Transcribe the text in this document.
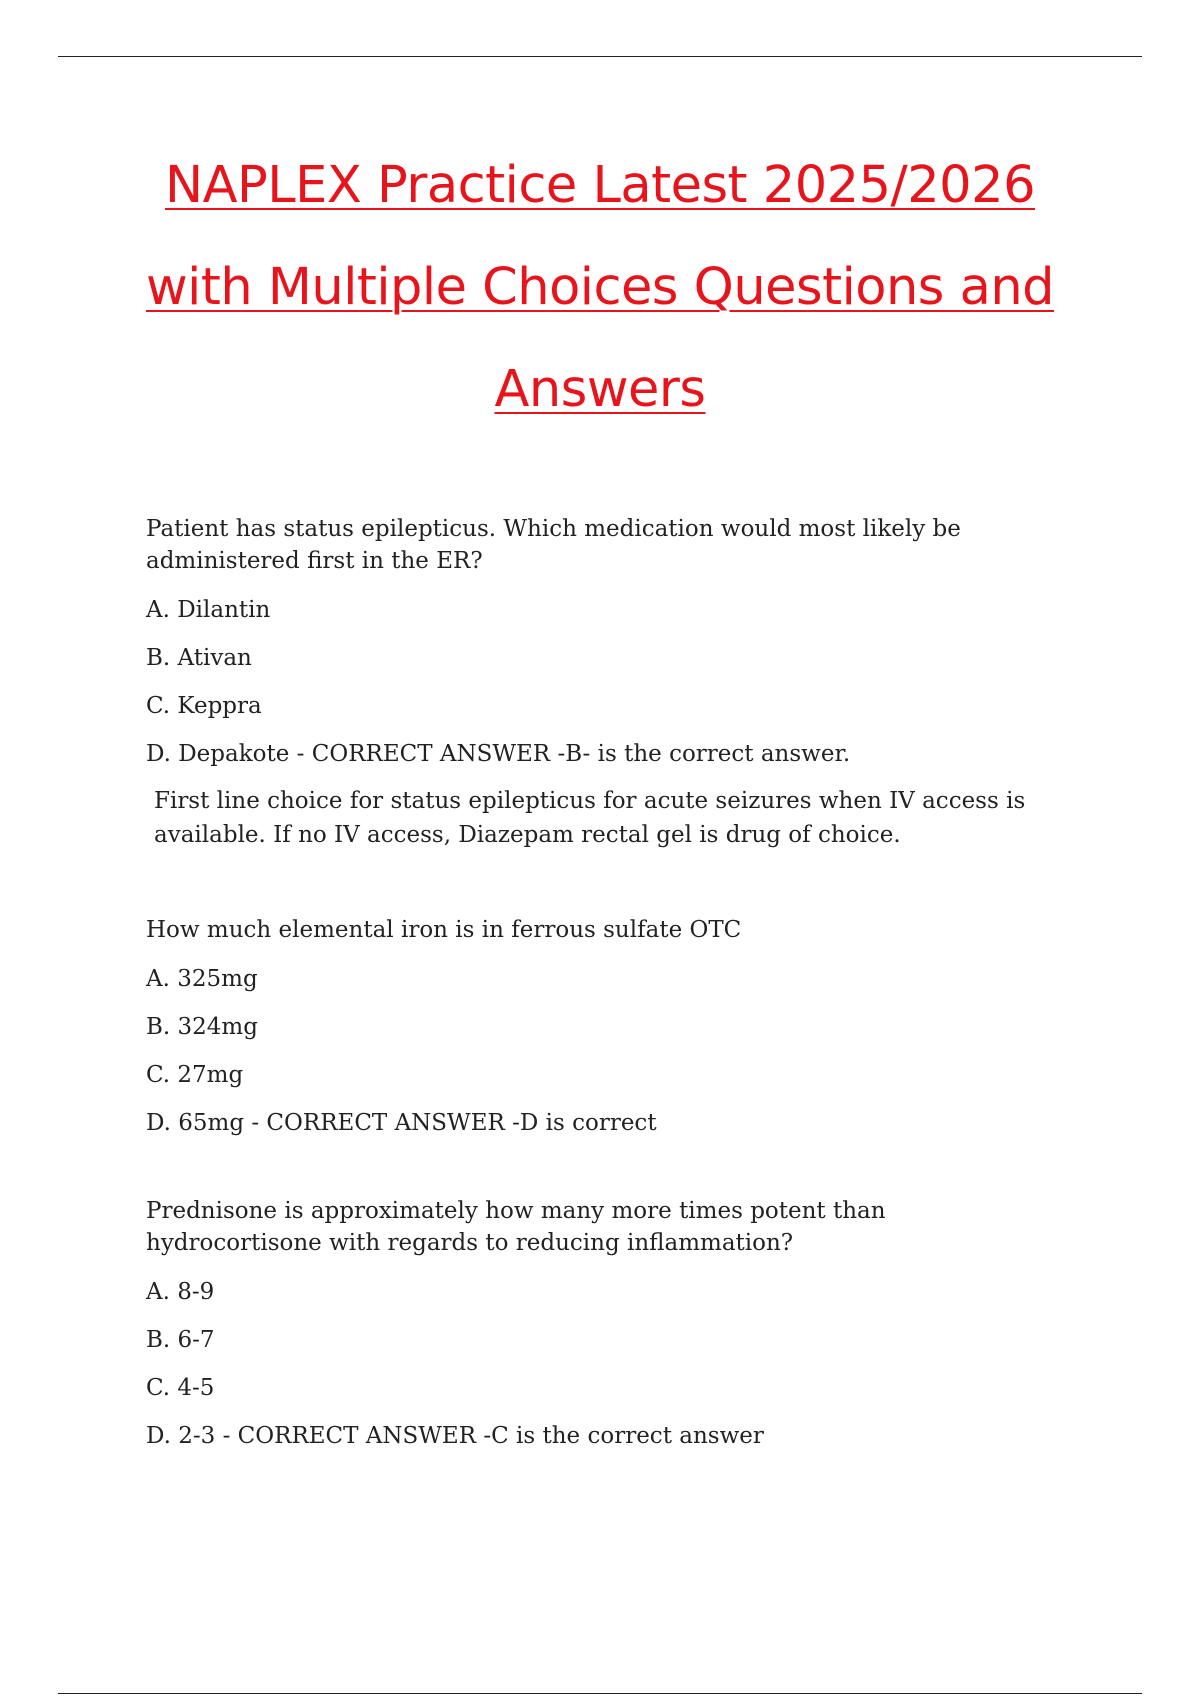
NAPLEX Practice Latest 2025/2026
with Multiple Choices Questions and
Answers

Patient has status epilepticus. Which medication would most likely be administered first in the ER?

A. Dilantin

B. Ativan

C. Keppra

D. Depakote - CORRECT ANSWER -B- is the correct answer.

First line choice for status epilepticus for acute seizures when IV access is available. If no IV access, Diazepam rectal gel is drug of choice.

How much elemental iron is in ferrous sulfate OTC

A. 325mg

B. 324mg

C. 27mg

D. 65mg - CORRECT ANSWER -D is correct

Prednisone is approximately how many more times potent than hydrocortisone with regards to reducing inflammation?

A. 8-9

B. 6-7

C. 4-5

D. 2-3 - CORRECT ANSWER -C is the correct answer
